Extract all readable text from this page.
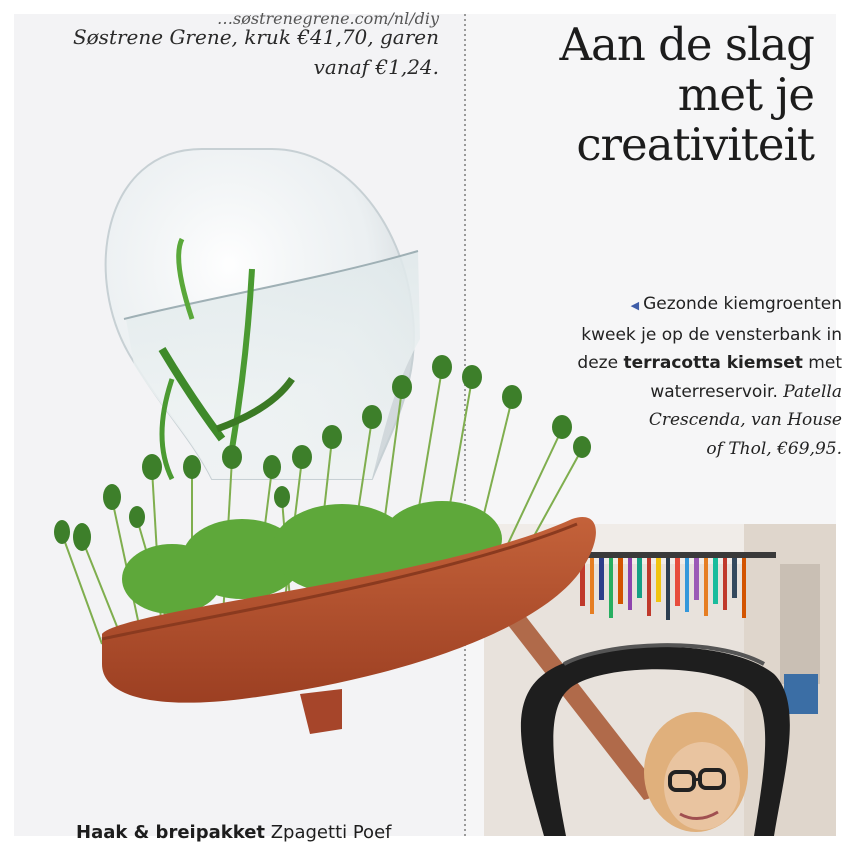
…søstrenegrene.com/nl/diy
Søstrene Grene, kruk €41,70, garen
vanaf €1,24.	Aan de slag
met je
creativiteit
◀ Gezonde kiemgroenten
kweek je op de vensterbank in
deze terracotta kiemset met
waterreservoir. Patella
Crescenda, van House
of Thol, €69,95.
Haak & breipakket Zpagetti Poef
